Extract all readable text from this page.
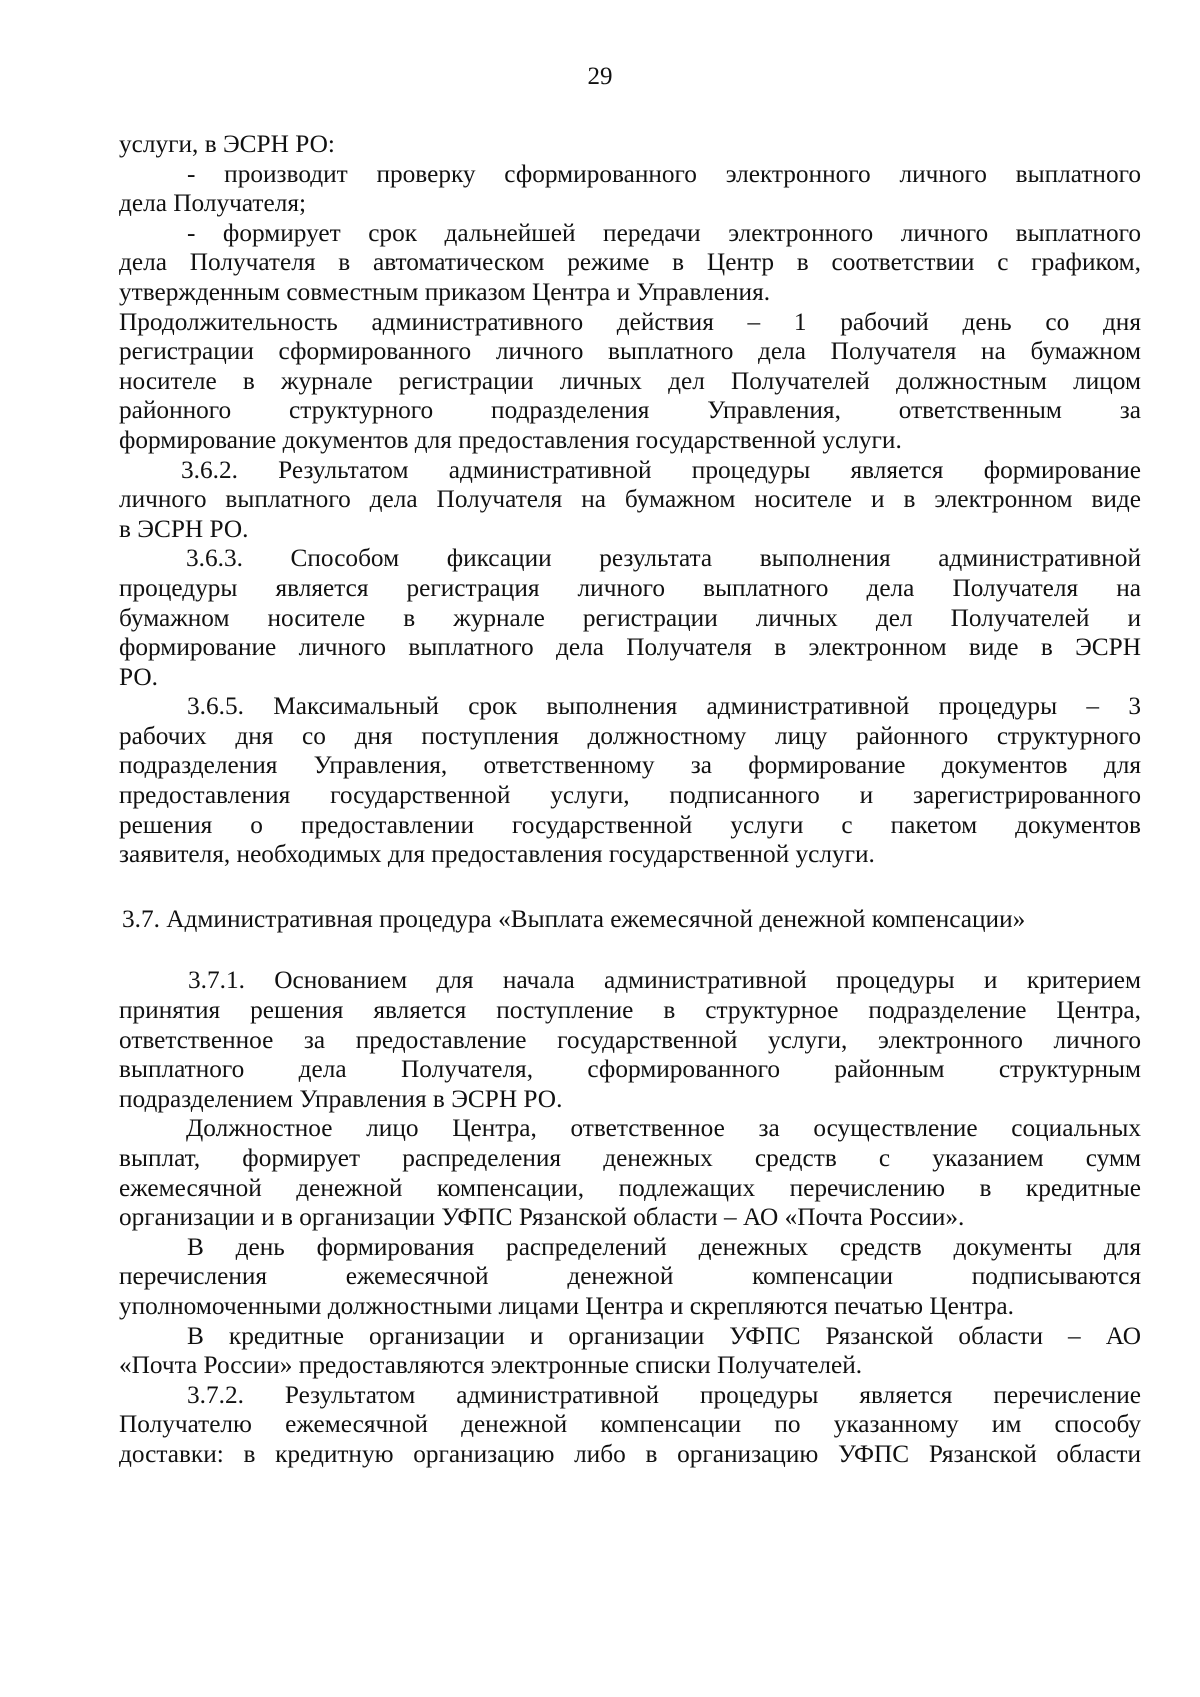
29
услуги, в ЭСРН РО:
- производит проверку сформированного электронного личного выплатного
дела Получателя;
- формирует срок дальнейшей передачи электронного личного выплатного
дела Получателя в автоматическом режиме в Центр в соответствии с графиком,
утвержденным совместным приказом Центра и Управления.
Продолжительность административного действия – 1 рабочий день со дня
регистрации сформированного личного выплатного дела Получателя на бумажном
носителе в журнале регистрации личных дел Получателей должностным лицом
районного структурного подразделения Управления, ответственным за
формирование документов для предоставления государственной услуги.
3.6.2. Результатом административной процедуры является формирование
личного выплатного дела Получателя на бумажном носителе и в электронном виде
в ЭСРН РО.
3.6.3. Способом фиксации результата выполнения административной
процедуры является регистрация личного выплатного дела Получателя на
бумажном носителе в журнале регистрации личных дел Получателей и
формирование личного выплатного дела Получателя в электронном виде в ЭСРН
РО.
3.6.5. Максимальный срок выполнения административной процедуры – 3
рабочих дня со дня поступления должностному лицу районного структурного
подразделения Управления, ответственному за формирование документов для
предоставления государственной услуги, подписанного и зарегистрированного
решения о предоставлении государственной услуги с пакетом документов
заявителя, необходимых для предоставления государственной услуги.
3.7. Административная процедура «Выплата ежемесячной денежной компенсации»
3.7.1. Основанием для начала административной процедуры и критерием
принятия решения является поступление в структурное подразделение Центра,
ответственное за предоставление государственной услуги, электронного личного
выплатного дела Получателя, сформированного районным структурным
подразделением Управления в ЭСРН РО.
Должностное лицо Центра, ответственное за осуществление социальных
выплат, формирует распределения денежных средств с указанием сумм
ежемесячной денежной компенсации, подлежащих перечислению в кредитные
организации и в организации УФПС Рязанской области – АО «Почта России».
В день формирования распределений денежных средств документы для
перечисления ежемесячной денежной компенсации подписываются
уполномоченными должностными лицами Центра и скрепляются печатью Центра.
В кредитные организации и организации УФПС Рязанской области – АО
«Почта России» предоставляются электронные списки Получателей.
3.7.2. Результатом административной процедуры является перечисление
Получателю ежемесячной денежной компенсации по указанному им способу
доставки: в кредитную организацию либо в организацию УФПС Рязанской области
